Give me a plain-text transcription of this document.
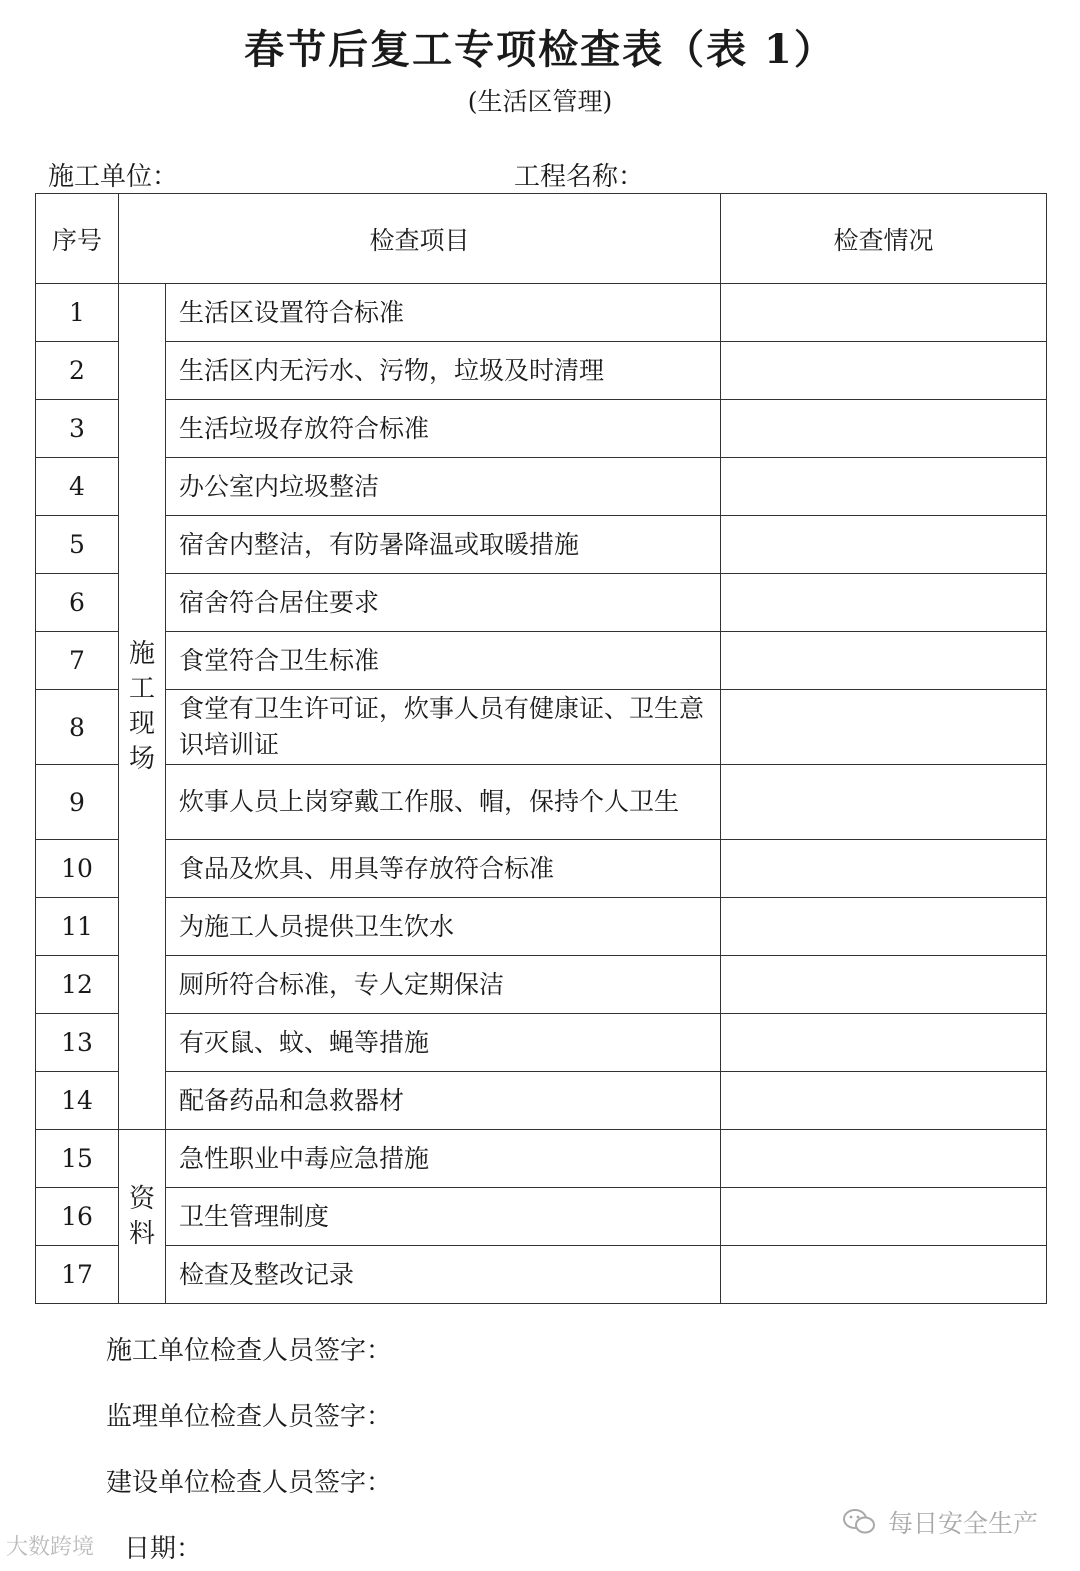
春节后复工专项检查表（表 1）
(生活区管理)
施工单位：	工程名称：
序号	检查项目		检查情况
1	施工现场	生活区设置符合标准	
2		生活区内无污水、污物，垃圾及时清理	
3		生活垃圾存放符合标准	
4		办公室内垃圾整洁	
5		宿舍内整洁，有防暑降温或取暖措施	
6		宿舍符合居住要求	
7		食堂符合卫生标准	
8		食堂有卫生许可证，炊事人员有健康证、卫生意识培训证	
9		炊事人员上岗穿戴工作服、帽，保持个人卫生	
10		食品及炊具、用具等存放符合标准	
11		为施工人员提供卫生饮水	
12		厕所符合标准，专人定期保洁	
13		有灭鼠、蚊、蝇等措施	
14		配备药品和急救器材	
15	资料	急性职业中毒应急措施	
16		卫生管理制度	
17		检查及整改记录	
施工单位检查人员签字：
监理单位检查人员签字：
建设单位检查人员签字：
日期：
大数跨境
每日安全生产
